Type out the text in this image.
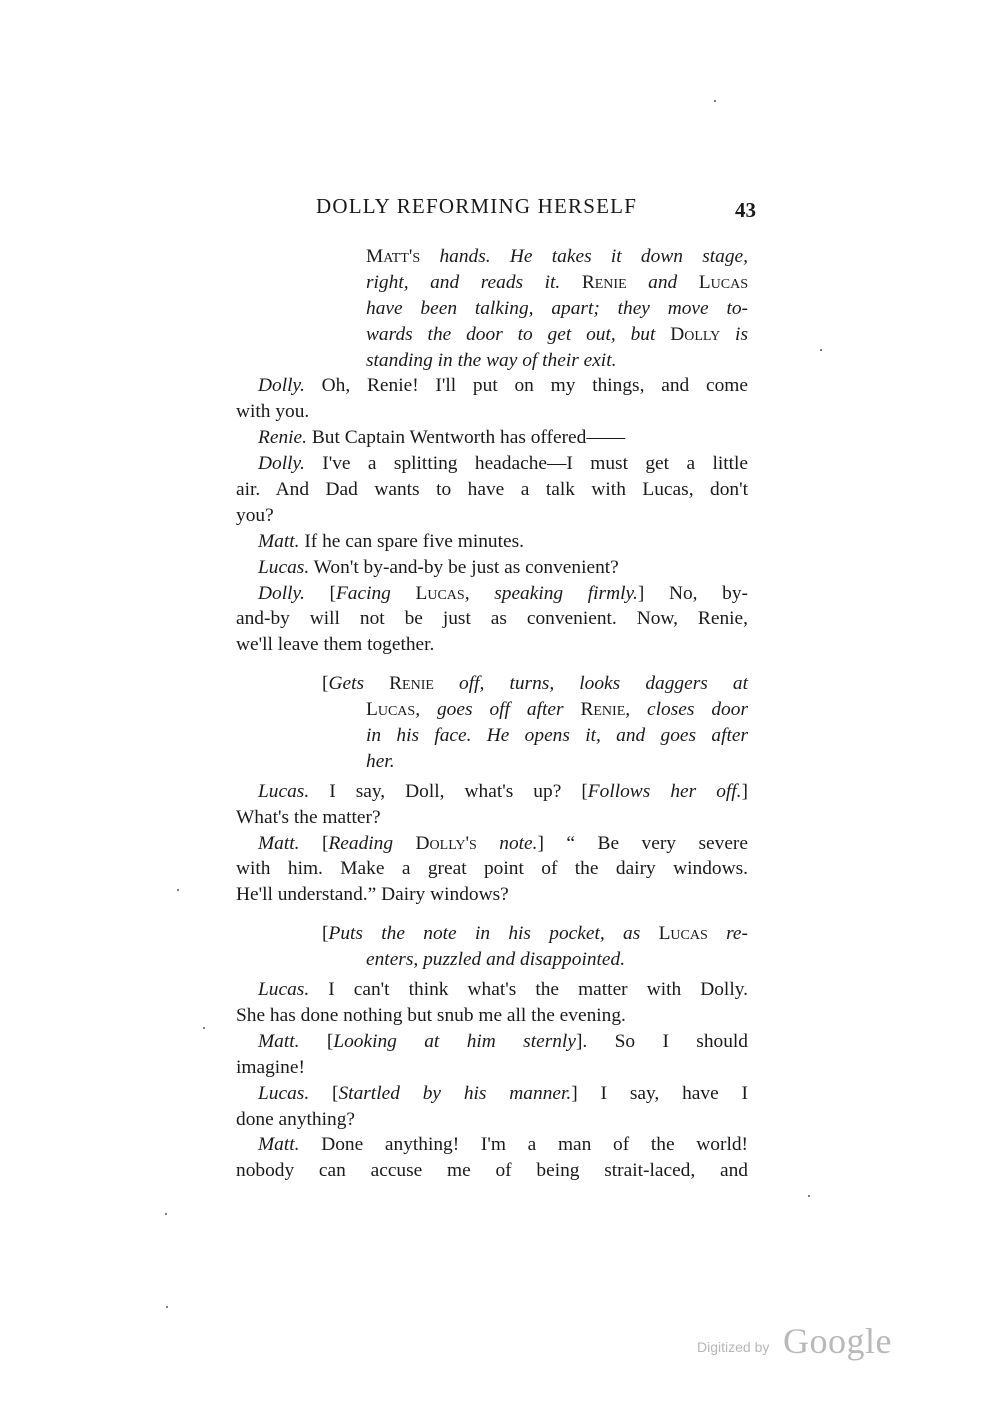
DOLLY REFORMING HERSELF	43
Matt's hands. He takes it down stage,
right, and reads it. Renie and Lucas
have been talking, apart; they move to-
wards the door to get out, but Dolly is
standing in the way of their exit.
Dolly. Oh, Renie! I'll put on my things, and come
with you.
Renie. But Captain Wentworth has offered——
Dolly. I've a splitting headache—I must get a little
air. And Dad wants to have a talk with Lucas, don't
you?
Matt. If he can spare five minutes.
Lucas. Won't by-and-by be just as convenient?
Dolly. [Facing Lucas, speaking firmly.] No, by-
and-by will not be just as convenient. Now, Renie,
we'll leave them together.
[Gets Renie off, turns, looks daggers at
Lucas, goes off after Renie, closes door
in his face. He opens it, and goes after
her.
Lucas. I say, Doll, what's up? [Follows her off.]
What's the matter?
Matt. [Reading Dolly's note.] “ Be very severe
with him. Make a great point of the dairy windows.
He'll understand.” Dairy windows?
[Puts the note in his pocket, as Lucas re-
enters, puzzled and disappointed.
Lucas. I can't think what's the matter with Dolly.
She has done nothing but snub me all the evening.
Matt. [Looking at him sternly]. So I should
imagine!
Lucas. [Startled by his manner.] I say, have I
done anything?
Matt. Done anything! I'm a man of the world!
nobody can accuse me of being strait-laced, and
Digitized by Google
